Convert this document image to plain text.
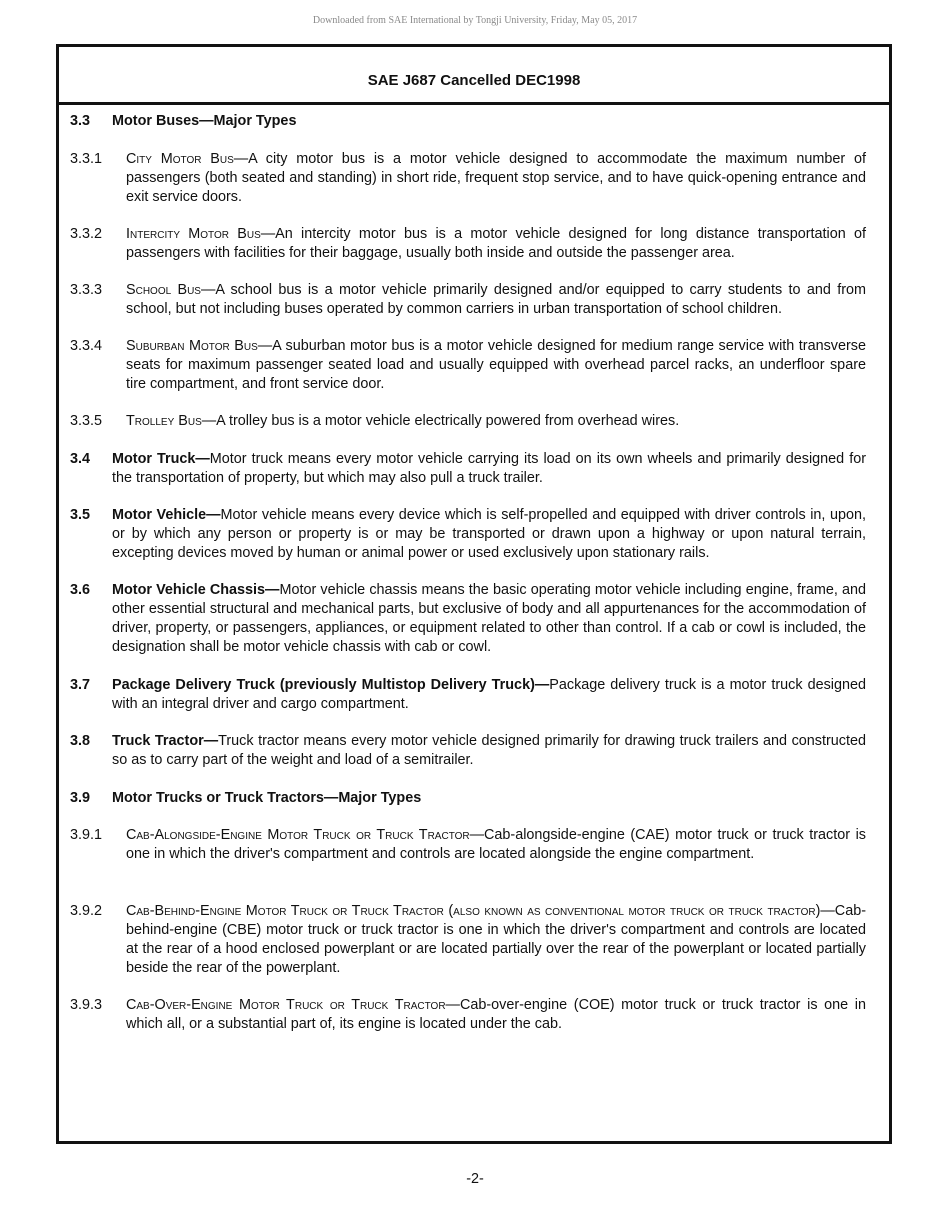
Downloaded from SAE International by Tongji University, Friday, May 05, 2017
SAE J687 Cancelled DEC1998
3.3 Motor Buses—Major Types
3.3.1 City Motor Bus—A city motor bus is a motor vehicle designed to accommodate the maximum number of passengers (both seated and standing) in short ride, frequent stop service, and to have quick-opening entrance and exit service doors.
3.3.2 Intercity Motor Bus—An intercity motor bus is a motor vehicle designed for long distance transportation of passengers with facilities for their baggage, usually both inside and outside the passenger area.
3.3.3 School Bus—A school bus is a motor vehicle primarily designed and/or equipped to carry students to and from school, but not including buses operated by common carriers in urban transportation of school children.
3.3.4 Suburban Motor Bus—A suburban motor bus is a motor vehicle designed for medium range service with transverse seats for maximum passenger seated load and usually equipped with overhead parcel racks, an underfloor spare tire compartment, and front service door.
3.3.5 Trolley Bus—A trolley bus is a motor vehicle electrically powered from overhead wires.
3.4 Motor Truck—Motor truck means every motor vehicle carrying its load on its own wheels and primarily designed for the transportation of property, but which may also pull a truck trailer.
3.5 Motor Vehicle—Motor vehicle means every device which is self-propelled and equipped with driver controls in, upon, or by which any person or property is or may be transported or drawn upon a highway or upon natural terrain, excepting devices moved by human or animal power or used exclusively upon stationary rails.
3.6 Motor Vehicle Chassis—Motor vehicle chassis means the basic operating motor vehicle including engine, frame, and other essential structural and mechanical parts, but exclusive of body and all appurtenances for the accommodation of driver, property, or passengers, appliances, or equipment related to other than control. If a cab or cowl is included, the designation shall be motor vehicle chassis with cab or cowl.
3.7 Package Delivery Truck (previously Multistop Delivery Truck)—Package delivery truck is a motor truck designed with an integral driver and cargo compartment.
3.8 Truck Tractor—Truck tractor means every motor vehicle designed primarily for drawing truck trailers and constructed so as to carry part of the weight and load of a semitrailer.
3.9 Motor Trucks or Truck Tractors—Major Types
3.9.1 Cab-Alongside-Engine Motor Truck or Truck Tractor—Cab-alongside-engine (CAE) motor truck or truck tractor is one in which the driver's compartment and controls are located alongside the engine compartment.
3.9.2 Cab-Behind-Engine Motor Truck or Truck Tractor (also known as conventional motor truck or truck tractor)—Cab-behind-engine (CBE) motor truck or truck tractor is one in which the driver's compartment and controls are located at the rear of a hood enclosed powerplant or are located partially over the rear of the powerplant or located partially beside the rear of the powerplant.
3.9.3 Cab-Over-Engine Motor Truck or Truck Tractor—Cab-over-engine (COE) motor truck or truck tractor is one in which all, or a substantial part of, its engine is located under the cab.
-2-
